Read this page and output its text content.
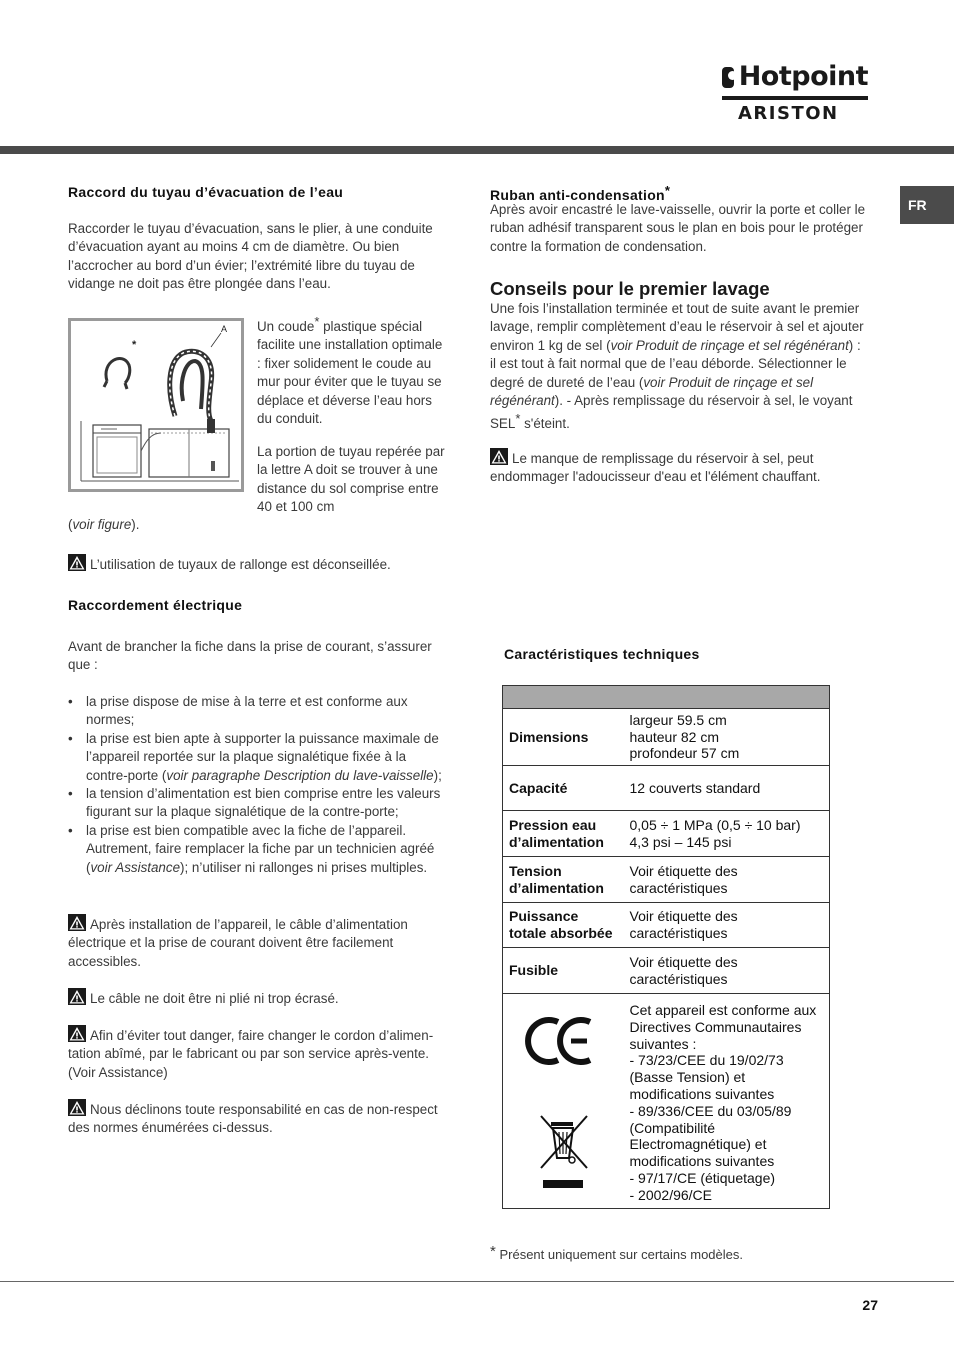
Hotpoint
ARISTON
FR
Raccord du tuyau d’évacuation de l’eau
Raccorder le tuyau d’évacuation, sans le plier, à une conduite d’évacuation ayant au moins 4 cm de diamètre. Ou bien l’accrocher au bord d’un évier; l’extrémité libre du tuyau de vidange ne doit pas être plongée dans l’eau.
*
A Un coude* plastique spécial facilite une installation optimale : fixer solidement le coude au mur pour éviter que le tuyau se déplace et déverse l’eau hors du conduit.
La portion de tuyau repérée par la lettre A doit se trouver à une distance du sol comprise entre 40 et 100 cm
(voir figure).
L’utilisation de tuyaux de rallonge est déconseillée.
Raccordement électrique
Avant de brancher la fiche dans la prise de courant, s’assurer que :
• la prise dispose de mise à la terre et est conforme aux normes;
• la prise est bien apte à supporter la puissance maximale de l’appareil reportée sur la plaque signalétique fixée à la contre-porte (voir paragraphe Description du lave-vaisselle);
• la tension d’alimentation est bien comprise entre les valeurs figurant sur la plaque signalétique de la contre-porte;
• la prise est bien compatible avec la fiche de l’appareil. Autrement, faire remplacer la fiche par un technicien agréé (voir Assistance); n’utiliser ni rallonges ni prises multiples.
Après installation de l’appareil, le câble d’alimentation électrique et la prise de courant doivent être facilement accessibles.
Le câble ne doit être ni plié ni trop écrasé.
Afin d’éviter tout danger, faire changer le cordon d’alimen-tation abîmé, par le fabricant ou par son service après-vente. (Voir Assistance)
Nous déclinons toute responsabilité en cas de non-respect des normes énumérées ci-dessus.
Ruban anti-condensation*
Après avoir encastré le lave-vaisselle, ouvrir la porte et coller le ruban adhésif transparent sous le plan en bois pour le protéger contre la formation de condensation.
Conseils pour le premier lavage
Une fois l’installation terminée et tout de suite avant le premier lavage, remplir complètement d’eau le réservoir à sel et ajouter environ 1 kg de sel (voir Produit de rinçage et sel régénérant) : il est tout à fait normal que de l’eau déborde. Sélectionner le degré de dureté de l’eau (voir Produit de rinçage et sel régénérant). - Après remplissage du réservoir à sel, le voyant SEL* s'éteint.
Le manque de remplissage du réservoir à sel, peut endommager l'adoucisseur d'eau et l'élément chauffant.
Caractéristiques techniques
Dimensions	largeur 59.5 cm
hauteur 82 cm
profondeur 57 cm
Capacité	12 couverts standard
Pression eau
d’alimentation	0,05 ÷ 1 MPa (0,5 ÷ 10 bar)
4,3 psi – 145 psi
Tension
d’alimentation	Voir étiquette des
caractéristiques
Puissance
totale absorbée	Voir étiquette des
caractéristiques
Fusible	Voir étiquette des
caractéristiques

	Cet appareil est conforme aux Directives Communautaires suivantes :
- 73/23/CEE du 19/02/73 (Basse Tension) et modifications suivantes
- 89/336/CEE du 03/05/89 (Compatibilité Electromagnétique) et modifications suivantes
- 97/17/CE (étiquetage)
- 2002/96/CE
* Présent uniquement sur certains modèles.
27
